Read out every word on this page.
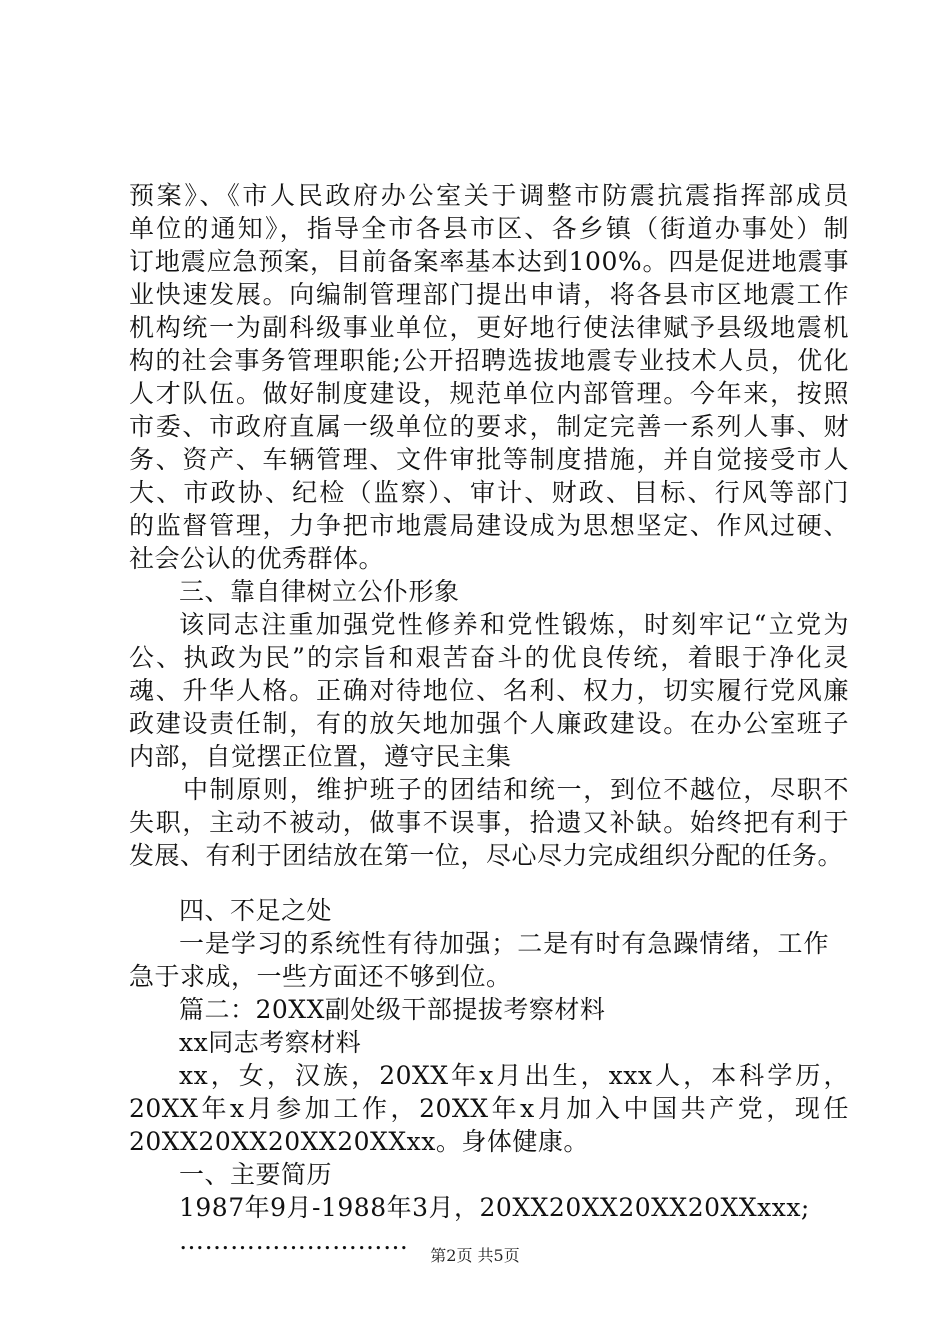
预案》、《市人民政府办公室关于调整市防震抗震指挥部成员
单位的通知》，指导全市各县市区、各乡镇（街道办事处）制
订地震应急预案，目前备案率基本达到100%。四是促进地震事
业快速发展。向编制管理部门提出申请，将各县市区地震工作
机构统一为副科级事业单位，更好地行使法律赋予县级地震机
构的社会事务管理职能;公开招聘选拔地震专业技术人员，优化
人才队伍。做好制度建设，规范单位内部管理。今年来，按照
市委、市政府直属一级单位的要求，制定完善一系列人事、财
务、资产、车辆管理、文件审批等制度措施，并自觉接受市人
大、市政协、纪检（监察）、审计、财政、目标、行风等部门
的监督管理，力争把市地震局建设成为思想坚定、作风过硬、
社会公认的优秀群体。
三、靠自律树立公仆形象
该同志注重加强党性修养和党性锻炼，时刻牢记“立党为
公、执政为民”的宗旨和艰苦奋斗的优良传统，着眼于净化灵
魂、升华人格。正确对待地位、名利、权力，切实履行党风廉
政建设责任制，有的放矢地加强个人廉政建设。在办公室班子
内部，自觉摆正位置，遵守民主集
中制原则，维护班子的团结和统一，到位不越位，尽职不
失职，主动不被动，做事不误事，拾遗又补缺。始终把有利于
发展、有利于团结放在第一位，尽心尽力完成组织分配的任务。
四、不足之处
一是学习的系统性有待加强；二是有时有急躁情绪，工作
急于求成，一些方面还不够到位。
篇二：20XX副处级干部提拔考察材料
xx同志考察材料
xx，女，汉族，20XX年x月出生，xxx人，本科学历，
20XX年x月参加工作，20XX年x月加入中国共产党，现任
20XX20XX20XX20XXxx。身体健康。
一、主要简历
1987年9月-1988年3月，20XX20XX20XX20XXxxx;
………………………
第2页 共5页
